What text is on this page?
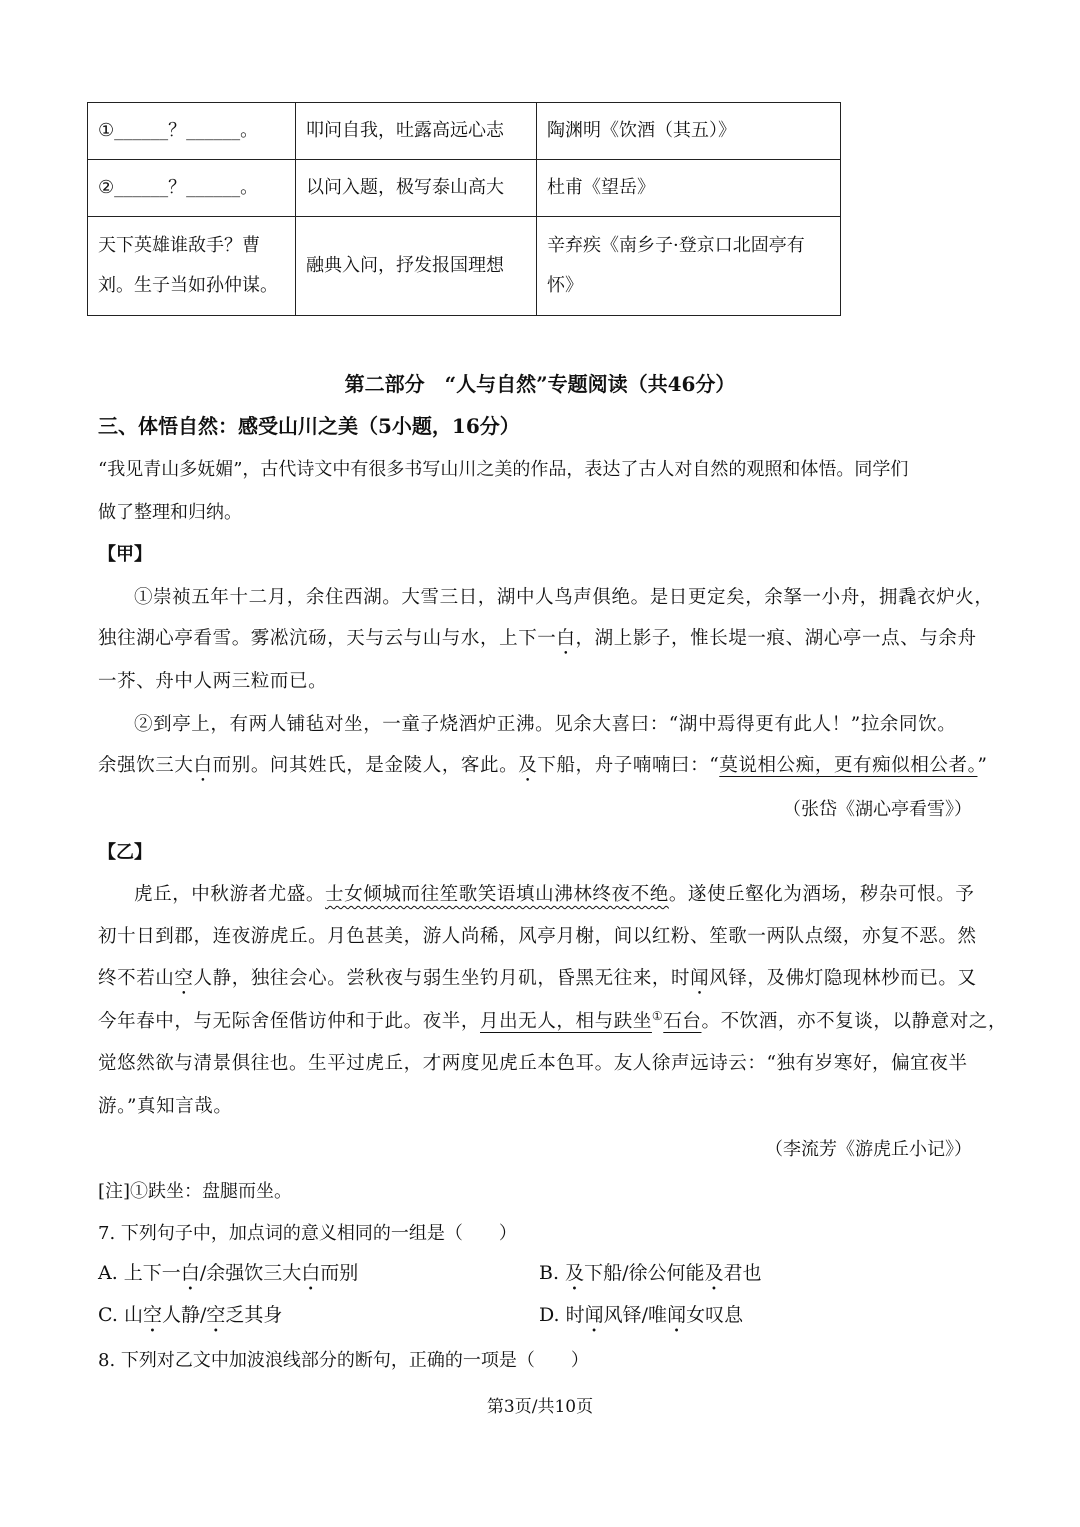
①______？______。	叩问自我，吐露高远心志	陶渊明《饮酒（其五）》
②______？______。	以问入题，极写泰山高大	杜甫《望岳》
天下英雄谁敌手？曹
刘。生子当如孙仲谋。	融典入问，抒发报国理想	辛弃疾《南乡子·登京口北固亭有
怀》
第二部分　“人与自然”专题阅读（共46分）
三、体悟自然：感受山川之美（5小题，16分）
“我见青山多妩媚”，古代诗文中有很多书写山川之美的作品，表达了古人对自然的观照和体悟。同学们
做了整理和归纳。
【甲】
①崇祯五年十二月，余住西湖。大雪三日，湖中人鸟声俱绝。是日更定矣，余拏一小舟，拥毳衣炉火，
独往湖心亭看雪。雾凇沆砀，天与云与山与水，上下一白，湖上影子，惟长堤一痕、湖心亭一点、与余舟
一芥、舟中人两三粒而已。
②到亭上，有两人铺毡对坐，一童子烧酒炉正沸。见余大喜曰：“湖中焉得更有此人！”拉余同饮。
余强饮三大白而别。问其姓氏，是金陵人，客此。及下船，舟子喃喃曰：“莫说相公痴，更有痴似相公者。”
（张岱《湖心亭看雪》）
【乙】
虎丘，中秋游者尤盛。士女倾城而往笙歌笑语填山沸林终夜不绝。遂使丘壑化为酒场，秽杂可恨。予
初十日到郡，连夜游虎丘。月色甚美，游人尚稀，风亭月榭，间以红粉、笙歌一两队点缀，亦复不恶。然
终不若山空人静，独往会心。尝秋夜与弱生坐钓月矶，昏黑无往来，时闻风铎，及佛灯隐现林杪而已。又
今年春中，与无际舍侄偕访仲和于此。夜半，月出无人，相与趺坐①石台。不饮酒，亦不复谈，以静意对之，
觉悠然欲与清景俱往也。生平过虎丘，才两度见虎丘本色耳。友人徐声远诗云：“独有岁寒好，偏宜夜半
游。”真知言哉。
（李流芳《游虎丘小记》）
[注]①趺坐：盘腿而坐。
7. 下列句子中，加点词的意义相同的一组是（　　）
A. 上下一白/余强饮三大白而别	B. 及下船/徐公何能及君也
C. 山空人静/空乏其身	D. 时闻风铎/唯闻女叹息
8. 下列对乙文中加波浪线部分的断句，正确的一项是（　　）
第3页/共10页
